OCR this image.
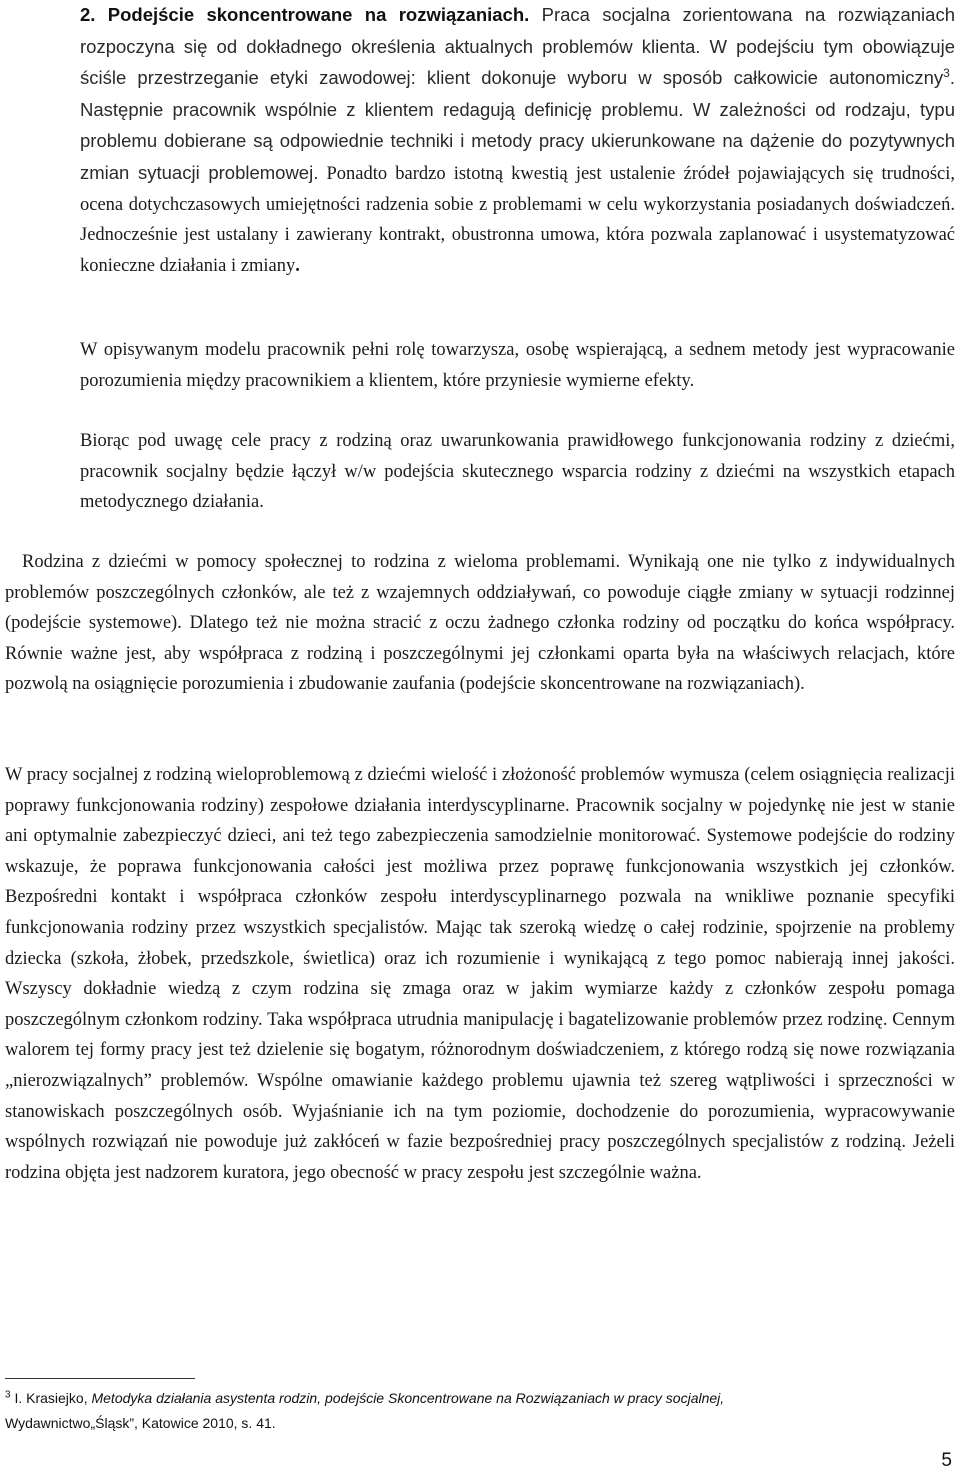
2. Podejście skoncentrowane na rozwiązaniach. Praca socjalna zorientowana na rozwiązaniach rozpoczyna się od dokładnego określenia aktualnych problemów klienta. W podejściu tym obowiązuje ściśle przestrzeganie etyki zawodowej: klient dokonuje wyboru w sposób całkowicie autonomiczny$^3$. Następnie pracownik wspólnie z klientem redagują definicję problemu. W zależności od rodzaju, typu problemu dobierane są odpowiednie techniki i metody pracy ukierunkowane na dążenie do pozytywnych zmian sytuacji problemowej. Ponadto bardzo istotną kwestią jest ustalenie źródeł pojawiających się trudności, ocena dotychczasowych umiejętności radzenia sobie z problemami w celu wykorzystania posiadanych doświadczeń. Jednocześnie jest ustalany i zawierany kontrakt, obustronna umowa, która pozwala zaplanować i usystematyzować konieczne działania i zmiany.

W opisywanym modelu pracownik pełni rolę towarzysza, osobę wspierającą, a sednem metody jest wypracowanie porozumienia między pracownikiem a klientem, które przyniesie wymierne efekty.

Biorąc pod uwagę cele pracy z rodziną oraz uwarunkowania prawidłowego funkcjonowania rodziny z dziećmi, pracownik socjalny będzie łączył w/w podejścia skutecznego wsparcia rodziny z dziećmi na wszystkich etapach metodycznego działania.

Rodzina z dziećmi w pomocy społecznej to rodzina z wieloma problemami. Wynikają one nie tylko z indywidualnych problemów poszczególnych członków, ale też z wzajemnych oddziaływań, co powoduje ciągłe zmiany w sytuacji rodzinnej (podejście systemowe). Dlatego też nie można stracić z oczu żadnego członka rodziny od początku do końca współpracy. Równie ważne jest, aby współpraca z rodziną i poszczególnymi jej członkami oparta była na właściwych relacjach, które pozwolą na osiągnięcie porozumienia i zbudowanie zaufania (podejście skoncentrowane na rozwiązaniach).

W pracy socjalnej z rodziną wieloproblemową z dziećmi wielość i złożoność problemów wymusza (celem osiągnięcia realizacji poprawy funkcjonowania rodziny) zespołowe działania interdyscyplinarne. Pracownik socjalny w pojedynkę nie jest w stanie ani optymalnie zabezpieczyć dzieci, ani też tego zabezpieczenia samodzielnie monitorować. Systemowe podejście do rodziny wskazuje, że poprawa funkcjonowania całości jest możliwa przez poprawę funkcjonowania wszystkich jej członków. Bezpośredni kontakt i współpraca członków zespołu interdyscyplinarnego pozwala na wnikliwe poznanie specyfiki funkcjonowania rodziny przez wszystkich specjalistów. Mając tak szeroką wiedzę o całej rodzinie, spojrzenie na problemy dziecka (szkoła, żłobek, przedszkole, świetlica) oraz ich rozumienie i wynikającą z tego pomoc nabierają innej jakości. Wszyscy dokładnie wiedzą z czym rodzina się zmaga oraz w jakim wymiarze każdy z członków zespołu pomaga poszczególnym członkom rodziny. Taka współpraca utrudnia manipulację i bagatelizowanie problemów przez rodzinę. Cennym walorem tej formy pracy jest też dzielenie się bogatym, różnorodnym doświadczeniem, z którego rodzą się nowe rozwiązania „nierozwiązalnych” problemów. Wspólne omawianie każdego problemu ujawnia też szereg wątpliwości i sprzeczności w stanowiskach poszczególnych osób. Wyjaśnianie ich na tym poziomie, dochodzenie do porozumienia, wypracowywanie wspólnych rozwiązań nie powoduje już zakłóceń w fazie bezpośredniej pracy poszczególnych specjalistów z rodziną. Jeżeli rodzina objęta jest nadzorem kuratora, jego obecność w pracy zespołu jest szczególnie ważna.

$^3$ I. Krasiejko, Metodyka działania asystenta rodzin, podejście Skoncentrowane na Rozwiązaniach w pracy socjalnej,
Wydawnictwo„Śląsk”, Katowice 2010, s. 41.
5
